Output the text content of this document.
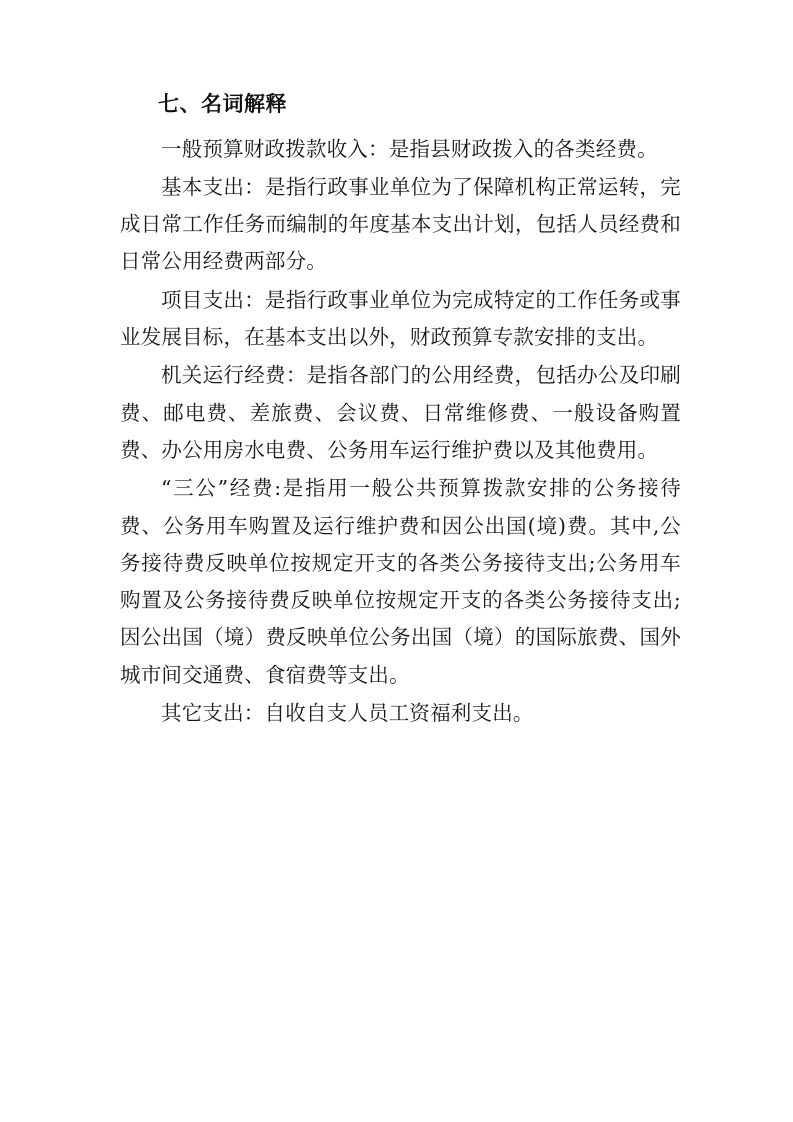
七、名词解释

一般预算财政拨款收入：是指县财政拨入的各类经费。

基本支出：是指行政事业单位为了保障机构正常运转，完成日常工作任务而编制的年度基本支出计划，包括人员经费和日常公用经费两部分。

项目支出：是指行政事业单位为完成特定的工作任务或事业发展目标，在基本支出以外，财政预算专款安排的支出。

机关运行经费：是指各部门的公用经费，包括办公及印刷费、邮电费、差旅费、会议费、日常维修费、一般设备购置费、办公用房水电费、公务用车运行维护费以及其他费用。

“三公”经费:是指用一般公共预算拨款安排的公务接待费、公务用车购置及运行维护费和因公出国(境)费。其中,公务接待费反映单位按规定开支的各类公务接待支出;公务用车购置及公务接待费反映单位按规定开支的各类公务接待支出;因公出国（境）费反映单位公务出国（境）的国际旅费、国外城市间交通费、食宿费等支出。

其它支出：自收自支人员工资福利支出。
